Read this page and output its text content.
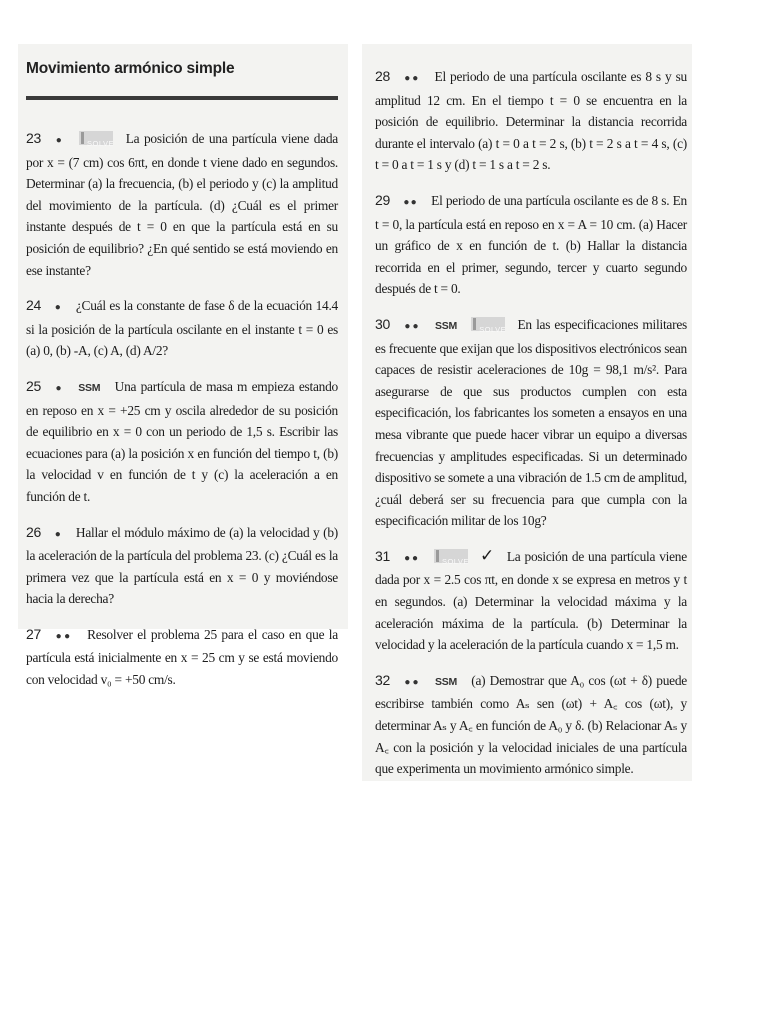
Movimiento armónico simple
23 ●	SOLVE La posición de una partícula viene dada por x = (7 cm) cos 6πt, en donde t viene dado en segundos. Determinar (a) la frecuencia, (b) el periodo y (c) la amplitud del movimiento de la partícula. (d) ¿Cuál es el primer instante después de t = 0 en que la partícula está en su posición de equilibrio? ¿En qué sentido se está moviendo en ese instante?
24 ● ¿Cuál es la constante de fase δ de la ecuación 14.4 si la posición de la partícula oscilante en el instante t = 0 es (a) 0, (b) -A, (c) A, (d) A/2?
25 ● SSM Una partícula de masa m empieza estando en reposo en x = +25 cm y oscila alrededor de su posición de equilibrio en x = 0 con un periodo de 1,5 s. Escribir las ecuaciones para (a) la posición x en función del tiempo t, (b) la velocidad v en función de t y (c) la aceleración a en función de t.
26 ● Hallar el módulo máximo de (a) la velocidad y (b) la aceleración de la partícula del problema 23. (c) ¿Cuál es la primera vez que la partícula está en x = 0 y moviéndose hacia la derecha?
27 ●● Resolver el problema 25 para el caso en que la partícula está inicialmente en x = 25 cm y se está moviendo con velocidad v₀ = +50 cm/s.
28 ●● El periodo de una partícula oscilante es 8 s y su amplitud 12 cm. En el tiempo t = 0 se encuentra en la posición de equilibrio. Determinar la distancia recorrida durante el intervalo (a) t = 0 a t = 2 s, (b) t = 2 s a t = 4 s, (c) t = 0 a t = 1 s y (d) t = 1 s a t = 2 s.
29 ●● El periodo de una partícula oscilante es de 8 s. En t = 0, la partícula está en reposo en x = A = 10 cm. (a) Hacer un gráfico de x en función de t. (b) Hallar la distancia recorrida en el primer, segundo, tercer y cuarto segundo después de t = 0.
30 ●● SSM	SOLVE En las especificaciones militares es frecuente que exijan que los dispositivos electrónicos sean capaces de resistir aceleraciones de 10g = 98,1 m/s². Para asegurarse de que sus productos cumplen con esta especificación, los fabricantes los someten a ensayos en una mesa vibrante que puede hacer vibrar un equipo a diversas frecuencias y amplitudes especificadas. Si un determinado dispositivo se somete a una vibración de 1.5 cm de amplitud, ¿cuál deberá ser su frecuencia para que cumpla con la especificación militar de los 10g?
31 ●●	SOLVE ✓ La posición de una partícula viene dada por x = 2.5 cos πt, en donde x se expresa en metros y t en segundos. (a) Determinar la velocidad máxima y la aceleración máxima de la partícula. (b) Determinar la velocidad y la aceleración de la partícula cuando x = 1,5 m.
32 ●● SSM (a) Demostrar que A₀ cos (ωt + δ) puede escribirse también como Aₛ sen (ωt) + A꜀ cos (ωt), y determinar Aₛ y A꜀ en función de A₀ y δ. (b) Relacionar Aₛ y A꜀ con la posición y la velocidad iniciales de una partícula que experimenta un movimiento armónico simple.
